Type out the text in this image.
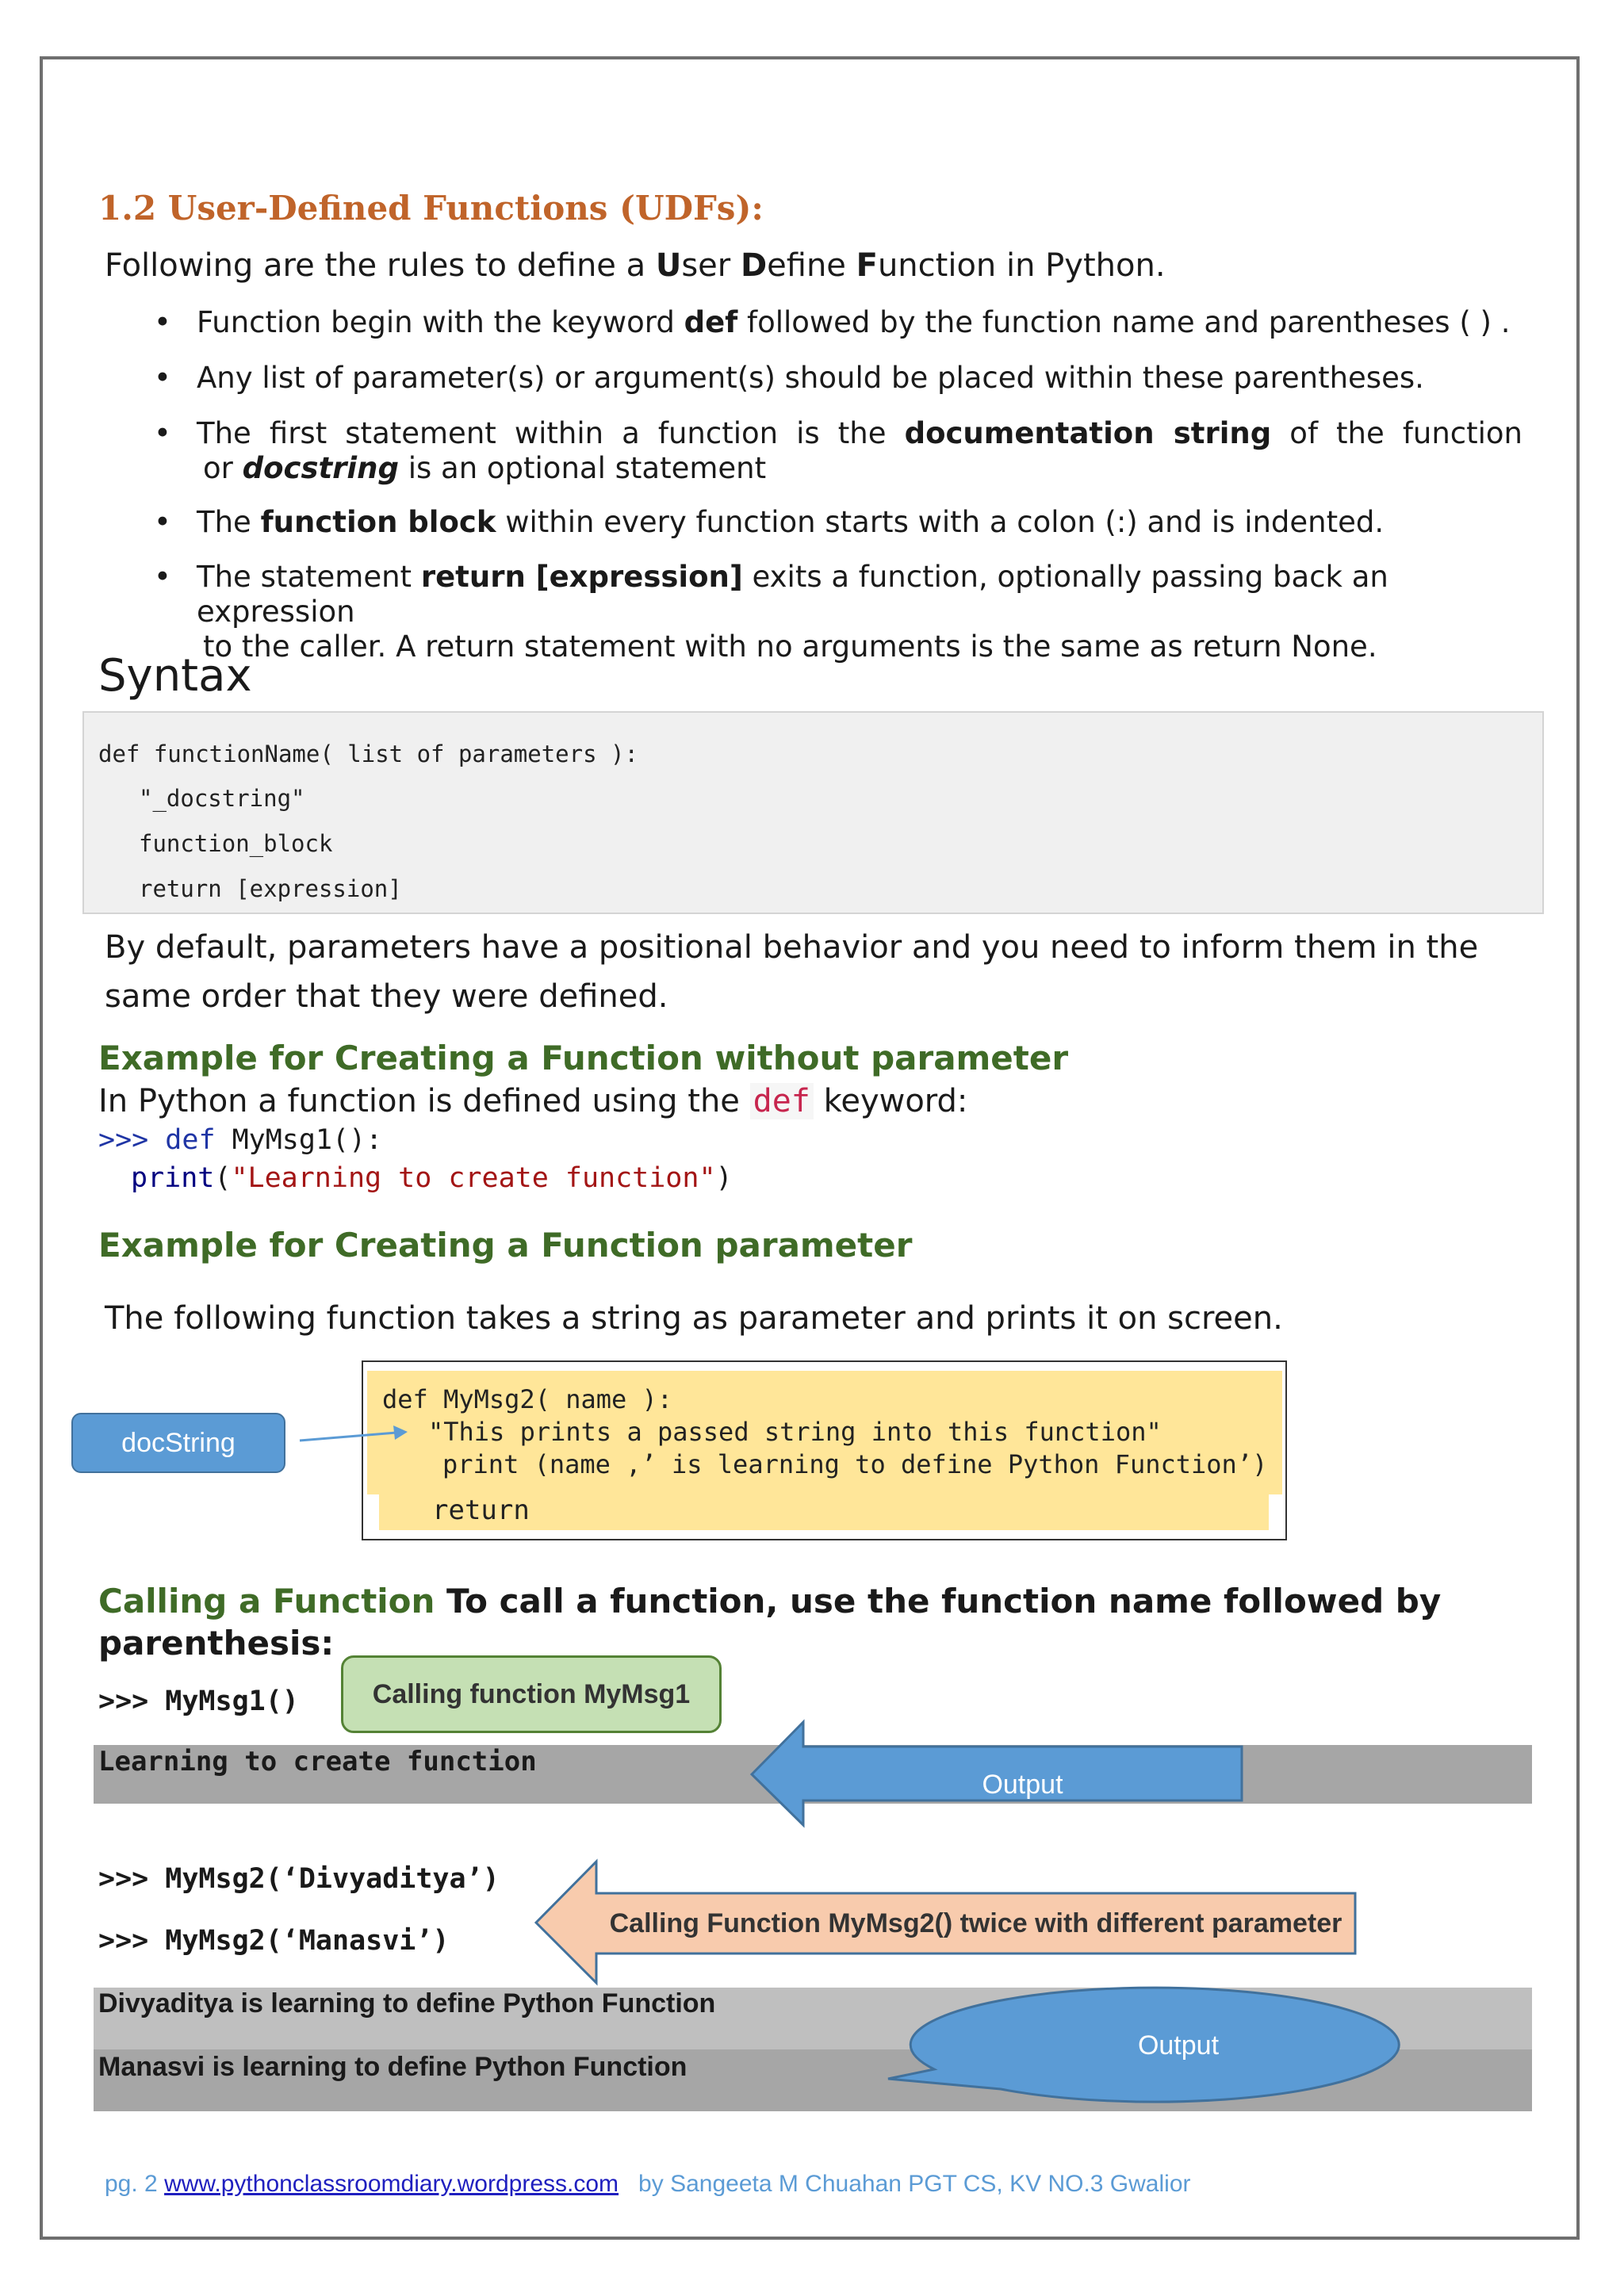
1.2 User-Defined Functions (UDFs):
Following are the rules to define a User Define Function in Python.
• Function begin with the keyword def followed by the function name and parentheses ( ) .
• Any list of parameter(s) or argument(s) should be placed within these parentheses.
• The first statement within a function is the documentation string of the function
or docstring is an optional statement
• The function block within every function starts with a colon (:) and is indented.
• The statement return [expression] exits a function, optionally passing back an expression
to the caller. A return statement with no arguments is the same as return None.
Syntax
def functionName( list of parameters ):
"_docstring"
function_block
return [expression]
By default, parameters have a positional behavior and you need to inform them in the
same order that they were defined.
Example for Creating a Function without parameter
In Python a function is defined using the def keyword:
>>> def MyMsg1():
print("Learning to create function")
Example for Creating a Function parameter
The following function takes a string as parameter and prints it on screen.
def MyMsg2( name ):
"This prints a passed string into this function"
print (name ,’ is learning to define Python Function’)
return
docString
Calling a Function To call a function, use the function name followed by
parenthesis:
>>> MyMsg1()	Calling function MyMsg1
Learning to create function
>>> MyMsg2(‘Divyaditya’)
>>> MyMsg2(‘Manasvi’)
Divyaditya is learning to define Python Function
Manasvi is learning to define Python Function
Output
Calling Function MyMsg2() twice with different parameter
Output
pg. 2 www.pythonclassroomdiary.wordpress.com   by Sangeeta M Chuahan PGT CS, KV NO.3 Gwalior
